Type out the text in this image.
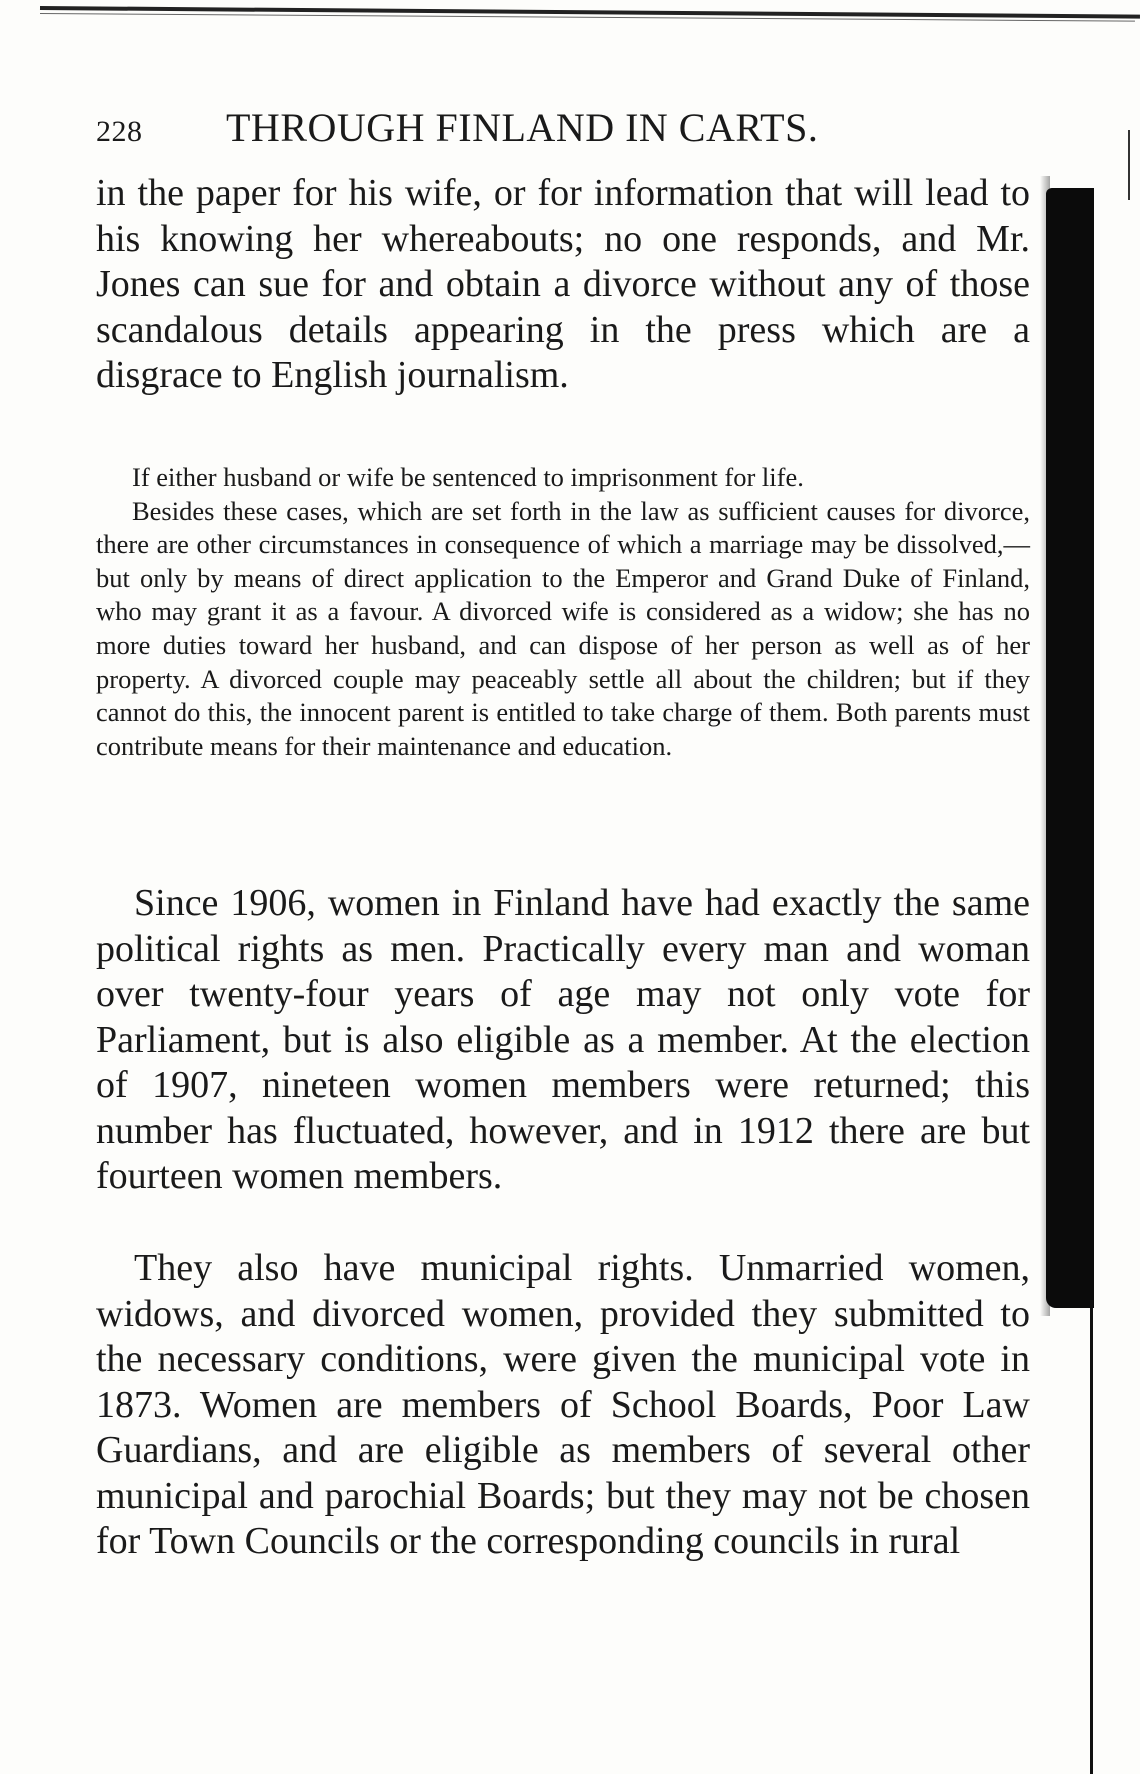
228 THROUGH FINLAND IN CARTS.

in the paper for his wife, or for information that will lead to his knowing her whereabouts; no one responds, and Mr. Jones can sue for and obtain a divorce without any of those scandalous details appearing in the press which are a disgrace to English journalism.

If either husband or wife be sentenced to imprisonment for life.

Besides these cases, which are set forth in the law as sufficient causes for divorce, there are other circumstances in consequence of which a marriage may be dissolved,—but only by means of direct application to the Emperor and Grand Duke of Finland, who may grant it as a favour. A divorced wife is considered as a widow; she has no more duties toward her husband, and can dispose of her person as well as of her property. A divorced couple may peaceably settle all about the children; but if they cannot do this, the innocent parent is entitled to take charge of them. Both parents must contribute means for their maintenance and education.

Since 1906, women in Finland have had exactly the same political rights as men. Practically every man and woman over twenty-four years of age may not only vote for Parliament, but is also eligible as a member. At the election of 1907, nineteen women members were returned; this number has fluctuated, however, and in 1912 there are but fourteen women members.

They also have municipal rights. Unmarried women, widows, and divorced women, provided they submitted to the necessary conditions, were given the municipal vote in 1873. Women are members of School Boards, Poor Law Guardians, and are eligible as members of several other municipal and parochial Boards; but they may not be chosen for Town Councils or the corresponding councils in rural
